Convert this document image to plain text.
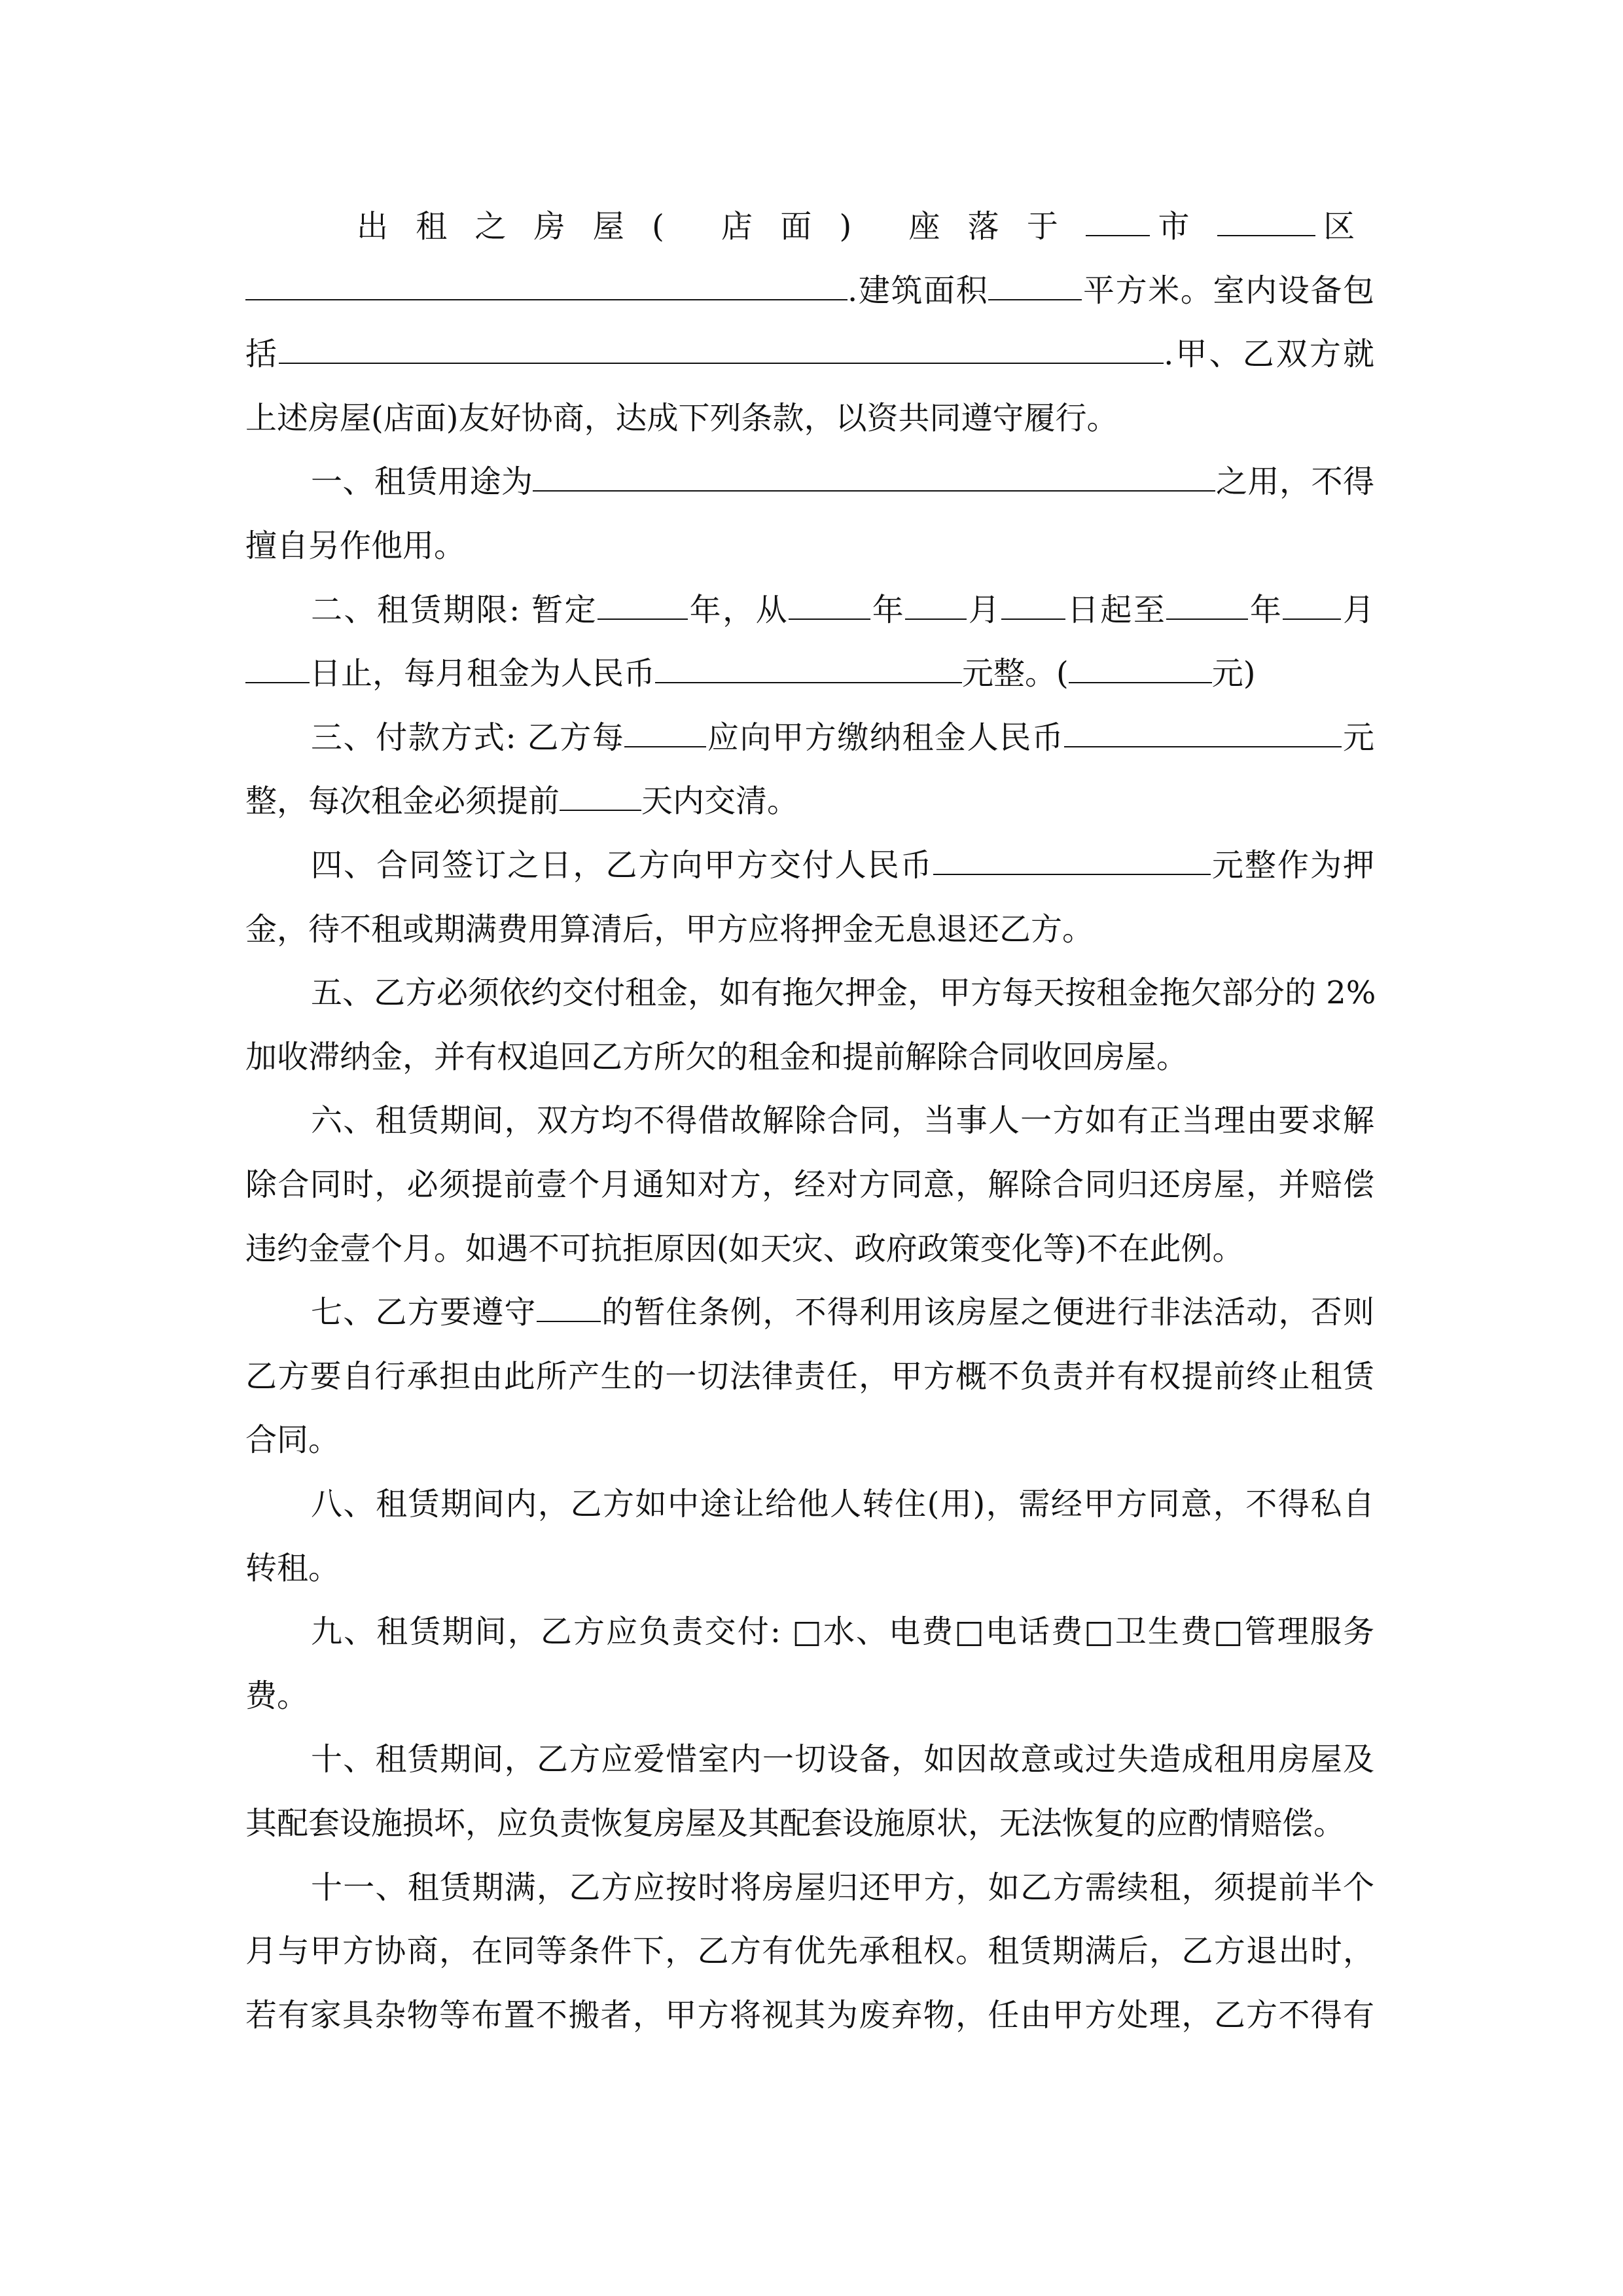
出租之房屋( 店面) 座落于 市	区
.建筑面积	平方米。室内设备包
括	.甲、乙双方就
上述房屋(店面)友好协商，达成下列条款，以资共同遵守履行。
一、租赁用途为	之用，不得
擅自另作他用。
二、租赁期限: 暂定	年，从	年 月 日起至	年 月
日止，每月租金为人民币	元整。(	元)
三、付款方式: 乙方每	应向甲方缴纳租金人民币	元
整，每次租金必须提前	天内交清。
四、合同签订之日，乙方向甲方交付人民币	元整作为押
金，待不租或期满费用算清后，甲方应将押金无息退还乙方。
五、乙方必须依约交付租金，如有拖欠押金，甲方每天按租金拖欠部分的 2%
加收滞纳金，并有权追回乙方所欠的租金和提前解除合同收回房屋。
六、租赁期间，双方均不得借故解除合同，当事人一方如有正当理由要求解
除合同时，必须提前壹个月通知对方，经对方同意，解除合同归还房屋，并赔偿
违约金壹个月。如遇不可抗拒原因(如天灾、政府政策变化等)不在此例。
七、乙方要遵守 的暂住条例，不得利用该房屋之便进行非法活动，否则
乙方要自行承担由此所产生的一切法律责任，甲方概不负责并有权提前终止租赁
合同。
八、租赁期间内，乙方如中途让给他人转住(用)，需经甲方同意，不得私自
转租。
九、租赁期间，乙方应负责交付: □水、电费□电话费□卫生费□管理服务
费。
十、租赁期间，乙方应爱惜室内一切设备，如因故意或过失造成租用房屋及
其配套设施损坏，应负责恢复房屋及其配套设施原状，无法恢复的应酌情赔偿。
十一、租赁期满，乙方应按时将房屋归还甲方，如乙方需续租，须提前半个
月与甲方协商，在同等条件下，乙方有优先承租权。租赁期满后，乙方退出时，
若有家具杂物等布置不搬者，甲方将视其为废弃物，任由甲方处理，乙方不得有
